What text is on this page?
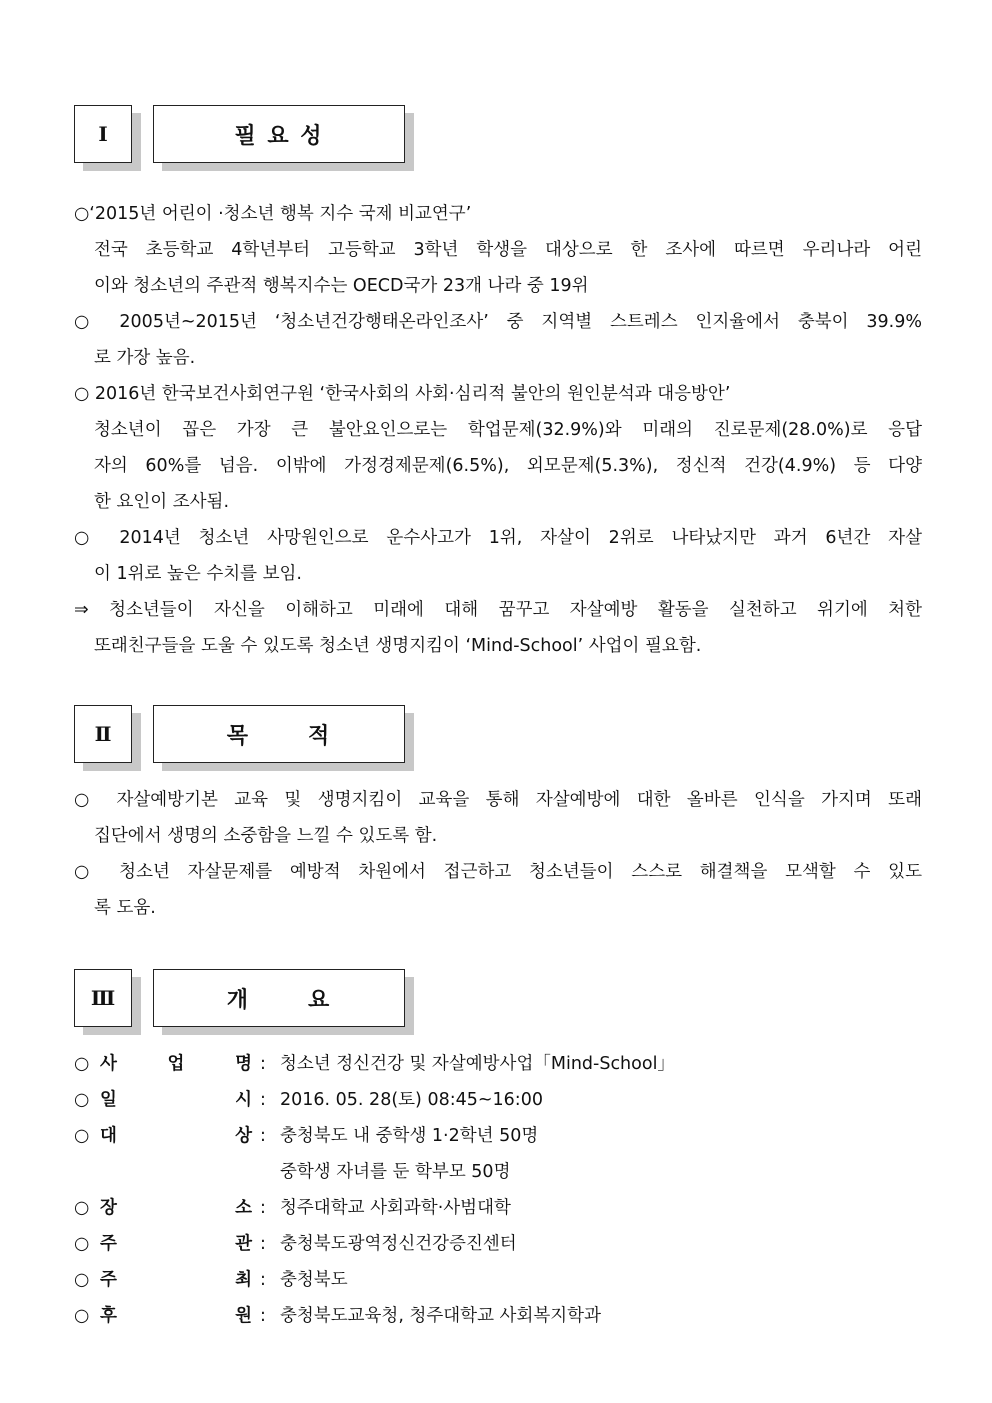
Ⅰ	필 요 성
○‘2015년 어린이 ·청소년 행복 지수 국제 비교연구’
전국 초등학교 4학년부터 고등학교 3학년 학생을 대상으로 한 조사에 따르면 우리나라 어린
이와 청소년의 주관적 행복지수는 OECD국가 23개 나라 중 19위
○ 2005년~2015년 ‘청소년건강행태온라인조사’ 중 지역별 스트레스 인지율에서 충북이 39.9%
로 가장 높음.
○ 2016년 한국보건사회연구원 ‘한국사회의 사회·심리적 불안의 원인분석과 대응방안’
청소년이 꼽은 가장 큰 불안요인으로는 학업문제(32.9%)와 미래의 진로문제(28.0%)로 응답
자의 60%를 넘음. 이밖에 가정경제문제(6.5%), 외모문제(5.3%), 정신적 건강(4.9%) 등 다양
한 요인이 조사됨.
○ 2014년 청소년 사망원인으로 운수사고가 1위, 자살이 2위로 나타났지만 과거 6년간 자살
이 1위로 높은 수치를 보임.
⇒ 청소년들이 자신을 이해하고 미래에 대해 꿈꾸고 자살예방 활동을 실천하고 위기에 처한
또래친구들을 도울 수 있도록 청소년 생명지킴이 ‘Mind-School’ 사업이 필요함.
Ⅱ	목      적
○ 자살예방기본 교육 및 생명지킴이 교육을 통해 자살예방에 대한 올바른 인식을 가지며 또래
집단에서 생명의 소중함을 느낄 수 있도록 함.
○ 청소년 자살문제를 예방적 차원에서 접근하고 청소년들이 스스로 해결책을 모색할 수 있도
록 도움.
Ⅲ	개      요
○ 사	업	명 : 청소년 정신건강 및 자살예방사업「Mind-School」
○ 일	시 : 2016. 05. 28(토) 08:45~16:00
○ 대	상 : 충청북도 내 중학생 1·2학년 50명
중학생 자녀를 둔 학부모 50명
○ 장	소 : 청주대학교 사회과학·사범대학
○ 주	관 : 충청북도광역정신건강증진센터
○ 주	최 : 충청북도
○ 후	원 : 충청북도교육청, 청주대학교 사회복지학과
